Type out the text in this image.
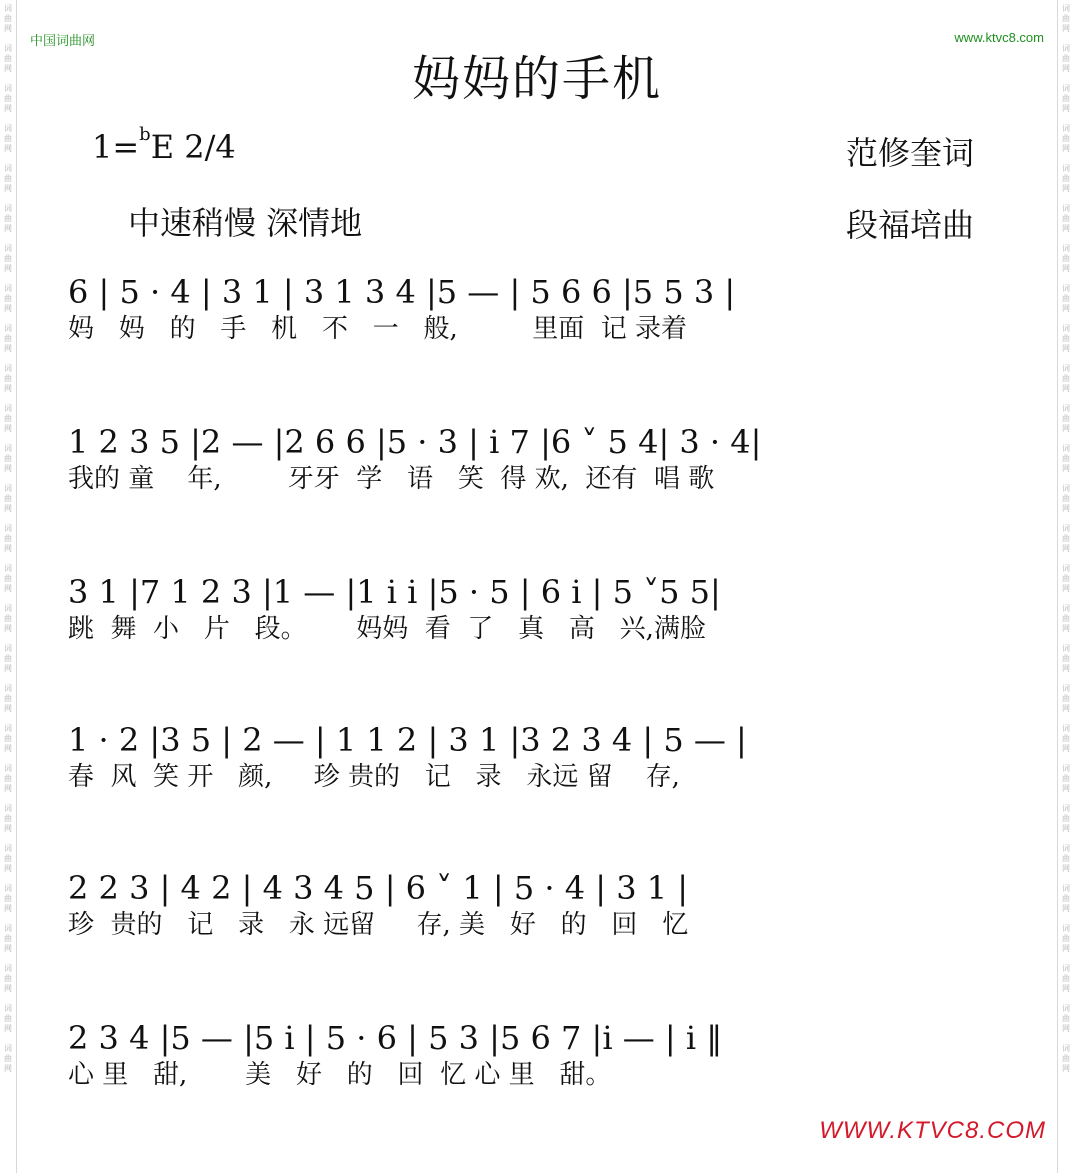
词
曲
网

词
曲
网

词
曲
网

词
曲
网

词
曲
网

词
曲
网

词
曲
网

词
曲
网

词
曲
网

词
曲
网

词
曲
网

词
曲
网

词
曲
网

词
曲
网

词
曲
网

词
曲
网

词
曲
网

词
曲
网

词
曲
网

词
曲
网

词
曲
网

词
曲
网

词
曲
网

词
曲
网

词
曲
网

词
曲
网

词
曲
网
词
曲
网

词
曲
网

词
曲
网

词
曲
网

词
曲
网

词
曲
网

词
曲
网

词
曲
网

词
曲
网

词
曲
网

词
曲
网

词
曲
网

词
曲
网

词
曲
网

词
曲
网

词
曲
网

词
曲
网

词
曲
网

词
曲
网

词
曲
网

词
曲
网

词
曲
网

词
曲
网

词
曲
网

词
曲
网

词
曲
网

词
曲
网
中国词曲网	www.ktvc8.com
妈妈的手机
1=$^b$E 2/4
中速稍慢 深情地
范修奎词
段福培曲
6 | 5 · 4 | 3 1 | 3 1 3 4 |5 — | 5 6 6 |5 5 3 |
妈   妈   的   手   机   不   一   般,         里面  记 录着
1 2 3 5 |2 — |2 6 6 |5 · 3 | i 7 |6 ˅ 5 4| 3 · 4|
我的 童    年,        牙牙  学   语   笑  得 欢,  还有  唱 歌
3 1 |7 1 2 3 |1 — |1 i i |5 · 5 | 6 i | 5 ˅5 5|
跳  舞  小   片   段。      妈妈  看  了   真   高   兴,满脸
1 · 2 |3 5 | 2 — | 1 1 2 | 3 1 |3 2 3 4 | 5 — |
春  风  笑 开   颜,     珍 贵的   记   录   永远 留    存,
2 2 3 | 4 2 | 4 3 4 5 | 6 ˅ 1 | 5 · 4 | 3 1 |
珍  贵的   记   录   永 远留     存, 美   好   的   回   忆
2 3 4 |5 — |5 i | 5 · 6 | 5 3 |5 6 7 |i — | i ‖
心 里   甜,       美   好   的   回  忆 心 里   甜。
WWW.KTVC8.COM
